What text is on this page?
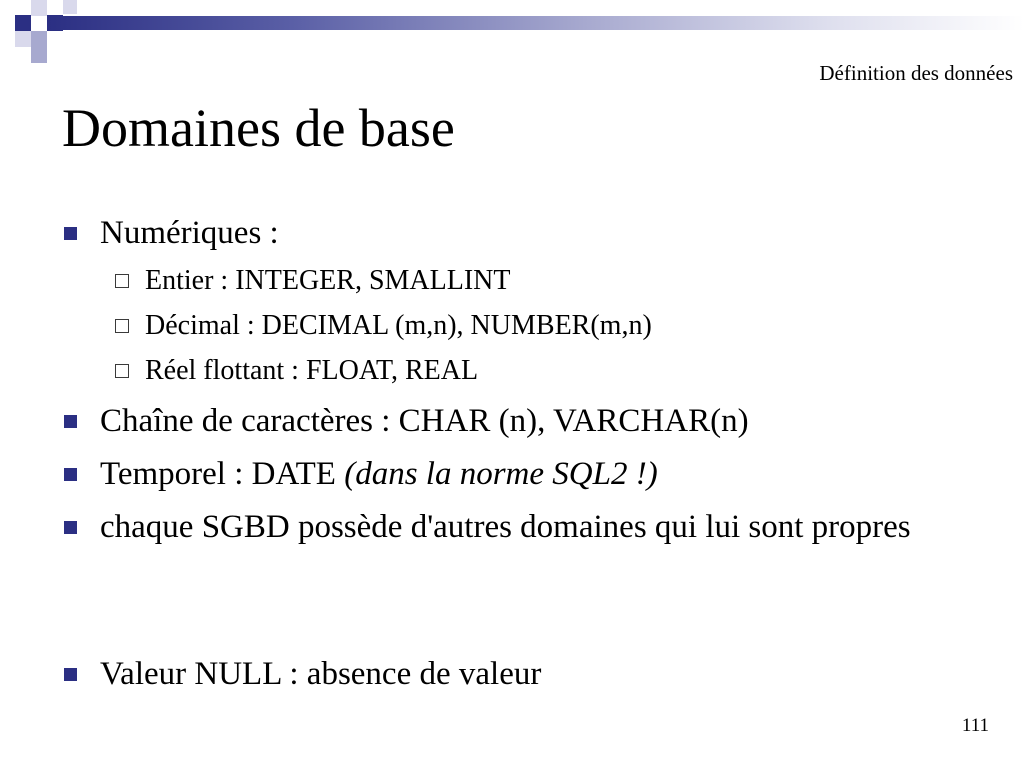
Définition des données
Domaines de base
Numériques :
Entier : INTEGER, SMALLINT
Décimal : DECIMAL (m,n), NUMBER(m,n)
Réel flottant : FLOAT, REAL
Chaîne de caractères : CHAR (n), VARCHAR(n)
Temporel : DATE (dans la norme SQL2 !)
chaque SGBD possède d'autres domaines qui lui sont propres
Valeur NULL : absence de valeur
111
